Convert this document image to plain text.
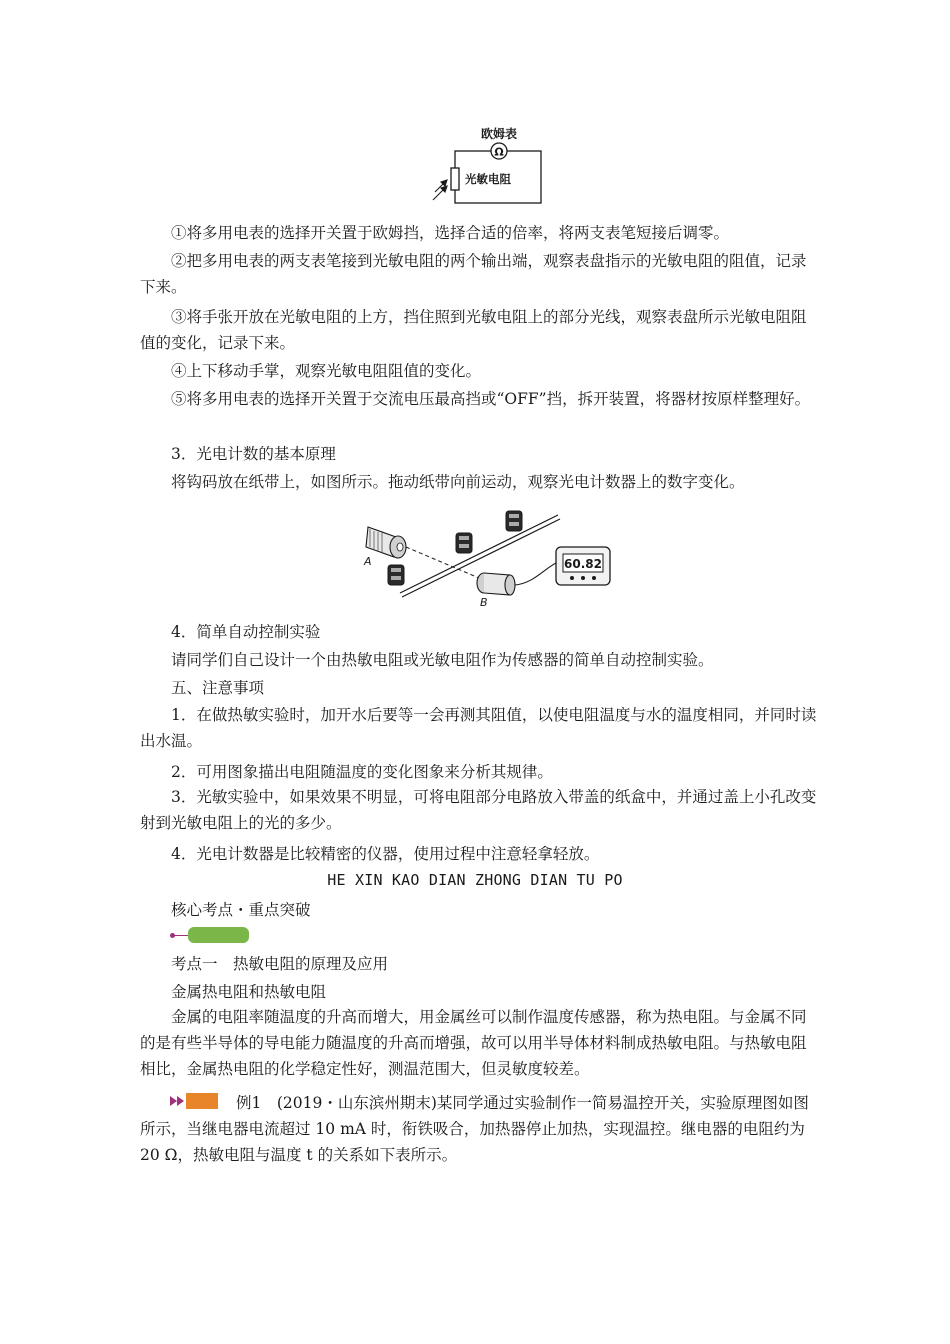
欧姆表
Ω
光敏电阻

①将多用电表的选择开关置于欧姆挡，选择合适的倍率，将两支表笔短接后调零。

②把多用电表的两支表笔接到光敏电阻的两个输出端，观察表盘指示的光敏电阻的阻值，记录下来。

③将手张开放在光敏电阻的上方，挡住照到光敏电阻上的部分光线，观察表盘所示光敏电阻阻值的变化，记录下来。

④上下移动手掌，观察光敏电阻阻值的变化。

⑤将多用电表的选择开关置于交流电压最高挡或“OFF”挡，拆开装置，将器材按原样整理好。

3．光电计数的基本原理
将钩码放在纸带上，如图所示。拖动纸带向前运动，观察光电计数器上的数字变化。
A
B
60.82
4．简单自动控制实验
请同学们自己设计一个由热敏电阻或光敏电阻作为传感器的简单自动控制实验。
五、注意事项

1．在做热敏实验时，加开水后要等一会再测其阻值，以使电阻温度与水的温度相同，并同时读出水温。

2．可用图象描出电阻随温度的变化图象来分析其规律。

3．光敏实验中，如果效果不明显，可将电阻部分电路放入带盖的纸盒中，并通过盖上小孔改变射到光敏电阻上的光的多少。

4．光电计数器是比较精密的仪器，使用过程中注意轻拿轻放。
HE XIN KAO DIAN ZHONG DIAN TU PO
核心考点・重点突破
考点一　热敏电阻的原理及应用
金属热电阻和热敏电阻

金属的电阻率随温度的升高而增大，用金属丝可以制作温度传感器，称为热电阻。与金属不同的是有些半导体的导电能力随温度的升高而增强，故可以用半导体材料制成热敏电阻。与热敏电阻相比，金属热电阻的化学稳定性好，测温范围大，但灵敏度较差。

例1　(2019・山东滨州期末)某同学通过实验制作一简易温控开关，实验原理图如图所示，当继电器电流超过 10 mA 时，衔铁吸合，加热器停止加热，实现温控。继电器的电阻约为 20 Ω，热敏电阻与温度 t 的关系如下表所示。
